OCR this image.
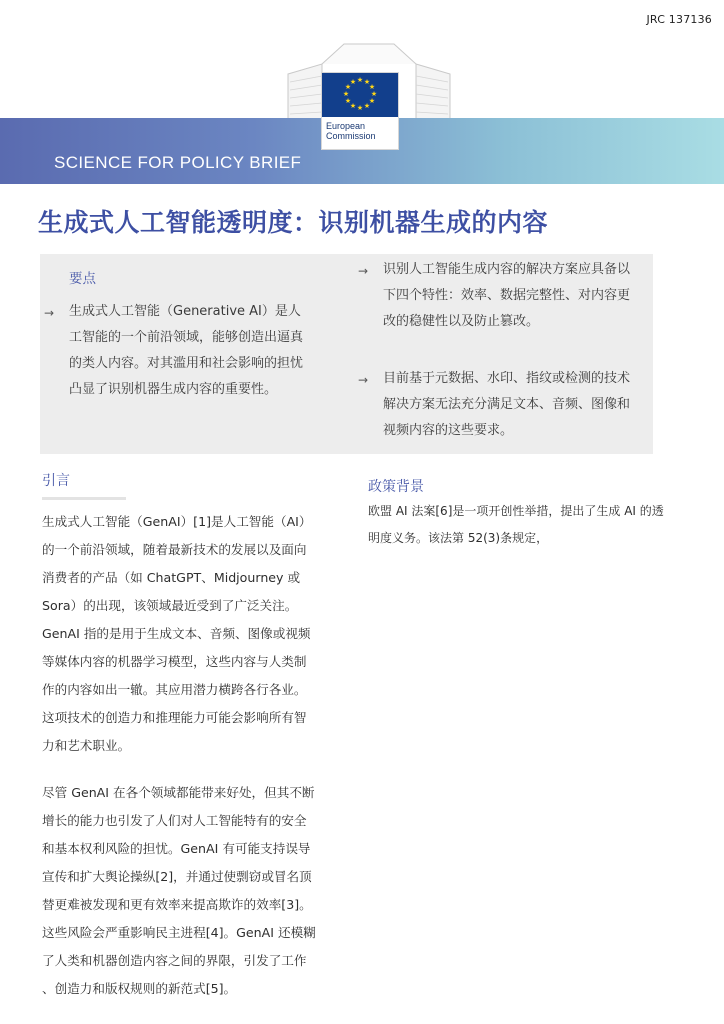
JRC 137136
SCIENCE FOR POLICY BRIEF
★ ★
★
★
★
★
★
★
★
★
★
★
European
Commission
生成式人工智能透明度：识别机器生成的内容
要点
→ 生成式人工智能（Generative AI）是人

工智能的一个前沿领域，能够创造出逼真

的类人内容。对其滥用和社会影响的担忧

凸显了识别机器生成内容的重要性。

→ 识别人工智能生成内容的解决方案应具备以

下四个特性：效率、数据完整性、对内容更

改的稳健性以及防止篡改。

→ 目前基于元数据、水印、指纹或检测的技术

解决方案无法充分满足文本、音频、图像和

视频内容的这些要求。

引言

生成式人工智能（GenAI）[1]是人工智能（AI）

的一个前沿领域，随着最新技术的发展以及面向

消费者的产品（如 ChatGPT、Midjourney 或

Sora）的出现，该领域最近受到了广泛关注。

GenAI 指的是用于生成文本、音频、图像或视频

等媒体内容的机器学习模型，这些内容与人类制

作的内容如出一辙。其应用潜力横跨各行各业。

这项技术的创造力和推理能力可能会影响所有智

力和艺术职业。

尽管 GenAI 在各个领域都能带来好处，但其不断

增长的能力也引发了人们对人工智能特有的安全

和基本权利风险的担忧。GenAI 有可能支持误导

宣传和扩大舆论操纵[2]，并通过使剽窃或冒名顶

替更难被发现和更有效率来提高欺诈的效率[3]。

这些风险会严重影响民主进程[4]。GenAI 还模糊

了人类和机器创造内容之间的界限，引发了工作

、创造力和版权规则的新范式[5]。

政策背景

欧盟 AI 法案[6]是一项开创性举措，提出了生成 AI 的透

明度义务。该法第 52(3)条规定，
